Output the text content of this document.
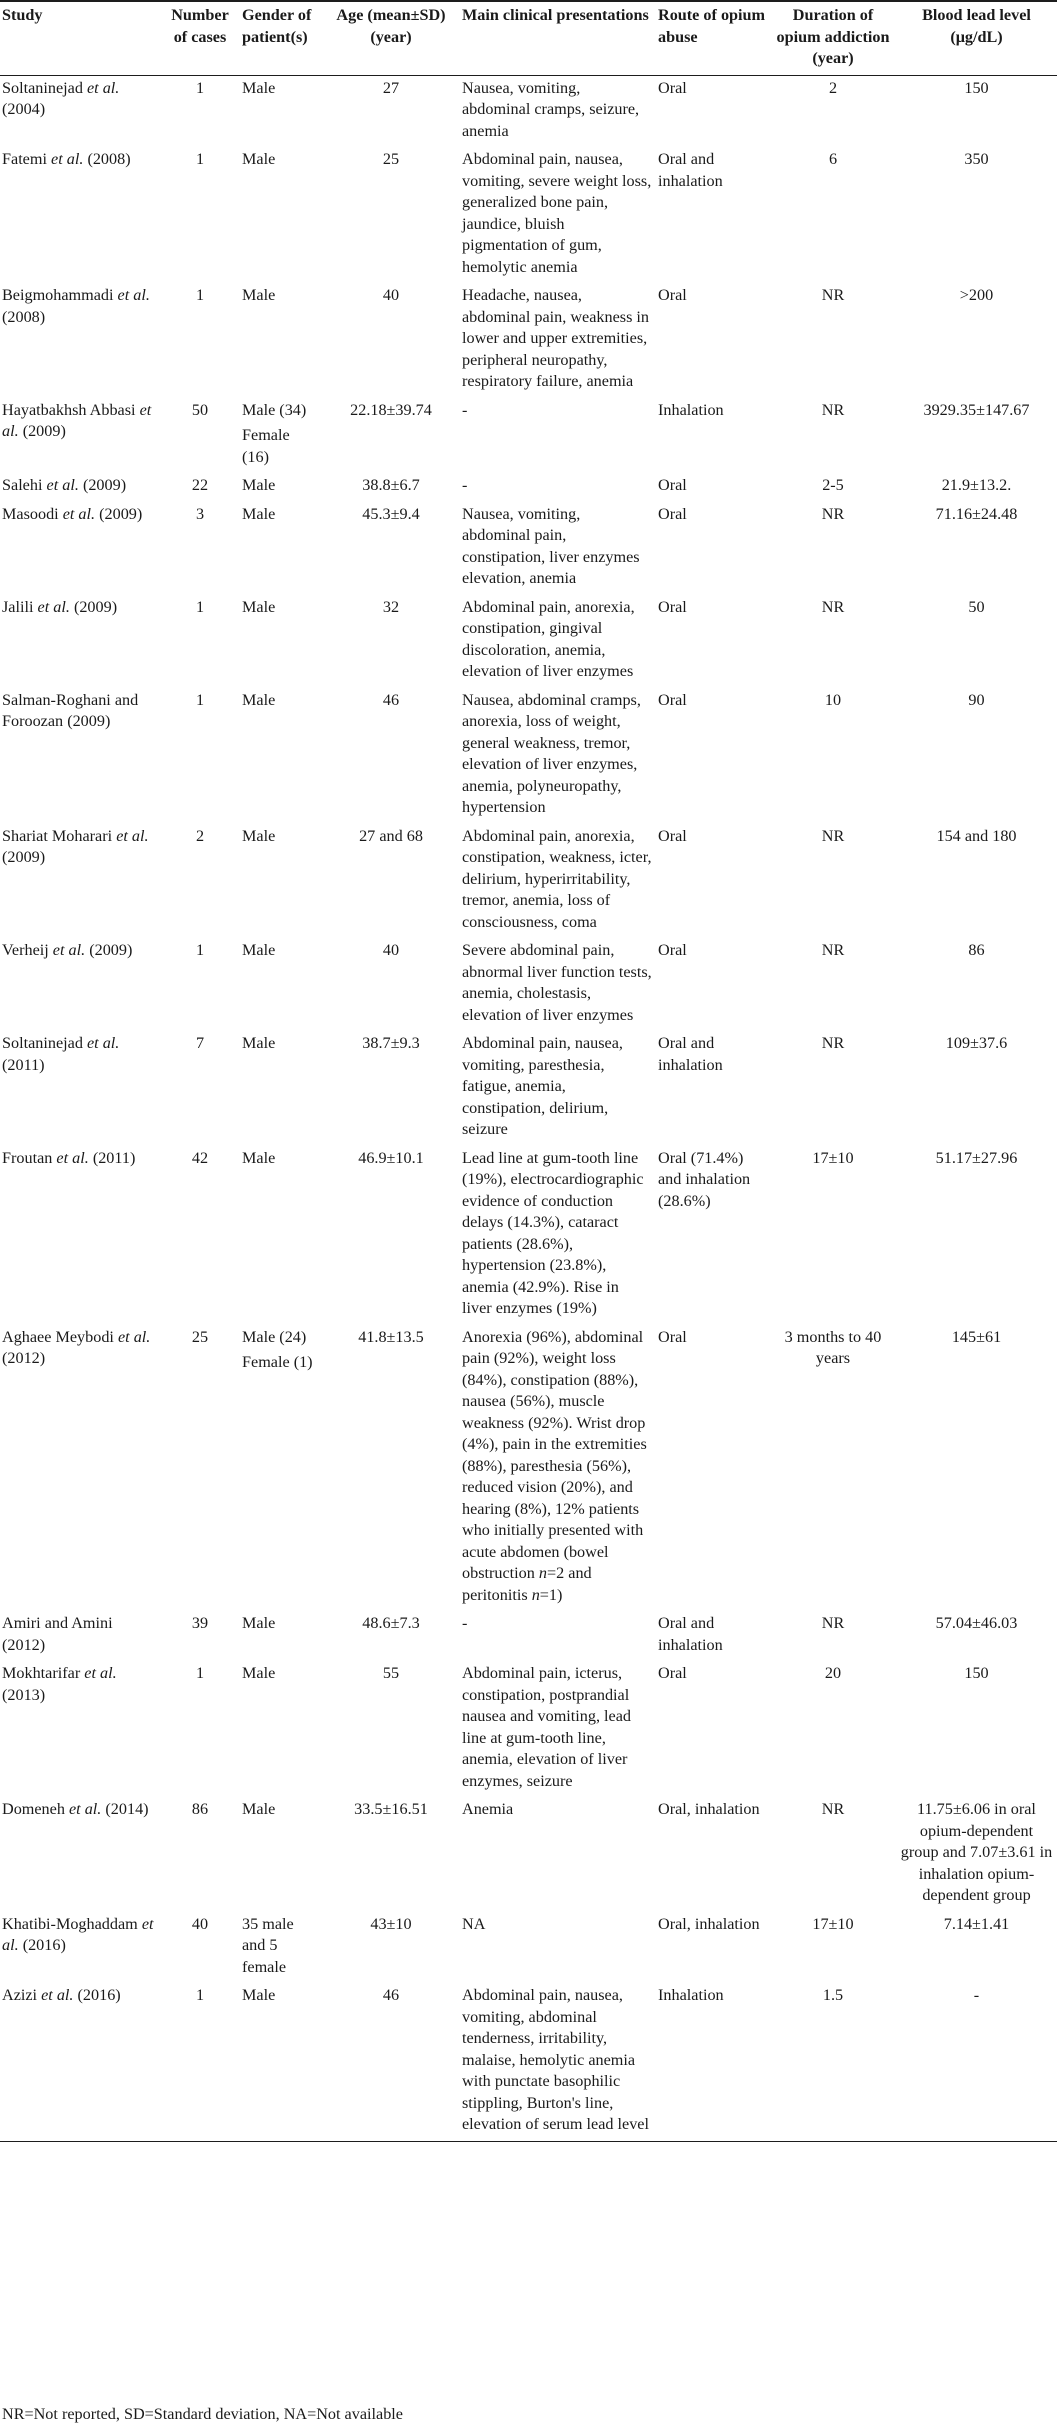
Study	Number of cases	Gender of patient(s)	Age (mean±SD) (year)	Main clinical presentations	Route of opium abuse	Duration of opium addiction (year)	Blood lead level (μg/dL)
Soltaninejad et al. (2004)	1	Male	27	Nausea, vomiting, abdominal cramps, seizure, anemia	Oral	2	150
Fatemi et al. (2008)	1	Male	25	Abdominal pain, nausea, vomiting, severe weight loss, generalized bone pain, jaundice, bluish pigmentation of gum, hemolytic anemia	Oral and inhalation	6	350
Beigmohammadi et al. (2008)	1	Male	40	Headache, nausea, abdominal pain, weakness in lower and upper extremities, peripheral neuropathy, respiratory failure, anemia	Oral	NR	>200
Hayatbakhsh Abbasi et al. (2009)	50	Male (34)
Female (16)	22.18±39.74	-	Inhalation	NR	3929.35±147.67
Salehi et al. (2009)	22	Male	38.8±6.7	-	Oral	2-5	21.9±13.2.
Masoodi et al. (2009)	3	Male	45.3±9.4	Nausea, vomiting, abdominal pain, constipation, liver enzymes elevation, anemia	Oral	NR	71.16±24.48
Jalili et al. (2009)	1	Male	32	Abdominal pain, anorexia, constipation, gingival discoloration, anemia, elevation of liver enzymes	Oral	NR	50
Salman-Roghani and Foroozan (2009)	1	Male	46	Nausea, abdominal cramps, anorexia, loss of weight, general weakness, tremor, elevation of liver enzymes, anemia, polyneuropathy, hypertension	Oral	10	90
Shariat Moharari et al. (2009)	2	Male	27 and 68	Abdominal pain, anorexia, constipation, weakness, icter, delirium, hyperirritability, tremor, anemia, loss of consciousness, coma	Oral	NR	154 and 180
Verheij et al. (2009)	1	Male	40	Severe abdominal pain, abnormal liver function tests, anemia, cholestasis, elevation of liver enzymes	Oral	NR	86
Soltaninejad et al. (2011)	7	Male	38.7±9.3	Abdominal pain, nausea, vomiting, paresthesia, fatigue, anemia, constipation, delirium, seizure	Oral and inhalation	NR	109±37.6
Froutan et al. (2011)	42	Male	46.9±10.1	Lead line at gum-tooth line (19%), electrocardiographic evidence of conduction delays (14.3%), cataract patients (28.6%), hypertension (23.8%), anemia (42.9%). Rise in liver enzymes (19%)	Oral (71.4%) and inhalation (28.6%)	17±10	51.17±27.96
Aghaee Meybodi et al. (2012)	25	Male (24)
Female (1)	41.8±13.5	Anorexia (96%), abdominal pain (92%), weight loss (84%), constipation (88%), nausea (56%), muscle weakness (92%). Wrist drop (4%), pain in the extremities (88%), paresthesia (56%), reduced vision (20%), and hearing (8%), 12% patients who initially presented with acute abdomen (bowel obstruction n=2 and peritonitis n=1)	Oral	3 months to 40 years	145±61
Amiri and Amini (2012)	39	Male	48.6±7.3	-	Oral and inhalation	NR	57.04±46.03
Mokhtarifar et al. (2013)	1	Male	55	Abdominal pain, icterus, constipation, postprandial nausea and vomiting, lead line at gum-tooth line, anemia, elevation of liver enzymes, seizure	Oral	20	150
Domeneh et al. (2014)	86	Male	33.5±16.51	Anemia	Oral, inhalation	NR	11.75±6.06 in oral opium-dependent group and 7.07±3.61 in inhalation opium-dependent group
Khatibi-Moghaddam et al. (2016)	40	35 male and 5 female	43±10	NA	Oral, inhalation	17±10	7.14±1.41
Azizi et al. (2016)	1	Male	46	Abdominal pain, nausea, vomiting, abdominal tenderness, irritability, malaise, hemolytic anemia with punctate basophilic stippling, Burton's line, elevation of serum lead level	Inhalation	1.5	-
NR=Not reported, SD=Standard deviation, NA=Not available
